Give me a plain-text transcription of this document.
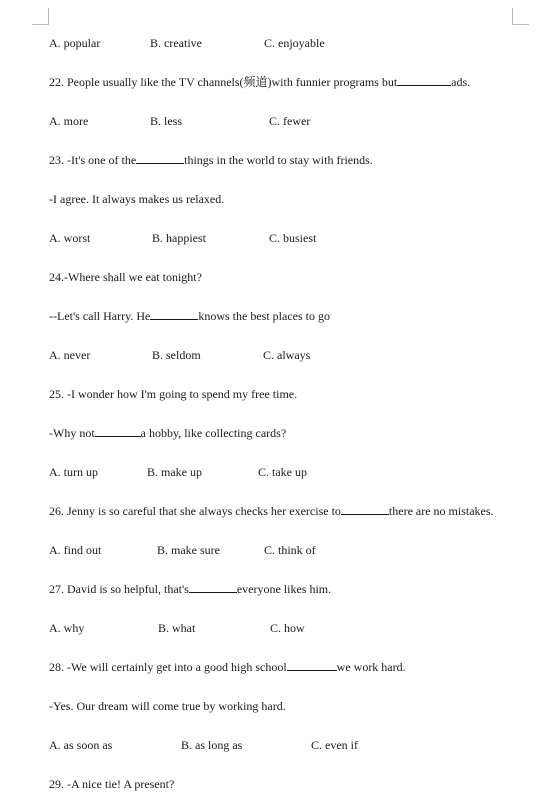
A. popular	B. creative	C. enjoyable
22. People usually like the TV channels(频道)with funnier programs but	ads.
A. more	B. less	C. fewer
23. -It's one of the	things in the world to stay with friends.
-I agree. It always makes us relaxed.
A. worst	B. happiest	C. busiest
24.-Where shall we eat tonight?
--Let's call Harry. He	knows the best places to go
A. never	B. seldom	C. always
25. -I wonder how I'm going to spend my free time.
-Why not	a hobby, like collecting cards?
A. turn up	B. make up	C. take up
26. Jenny is so careful that she always checks her exercise to	there are no mistakes.
A. find out	B. make sure	C. think of
27. David is so helpful, that's	everyone likes him.
A. why	B. what	C. how
28. -We will certainly get into a good high school	we work hard.
-Yes. Our dream will come true by working hard.
A. as soon as	B. as long as	C. even if
29. -A nice tie! A present?
